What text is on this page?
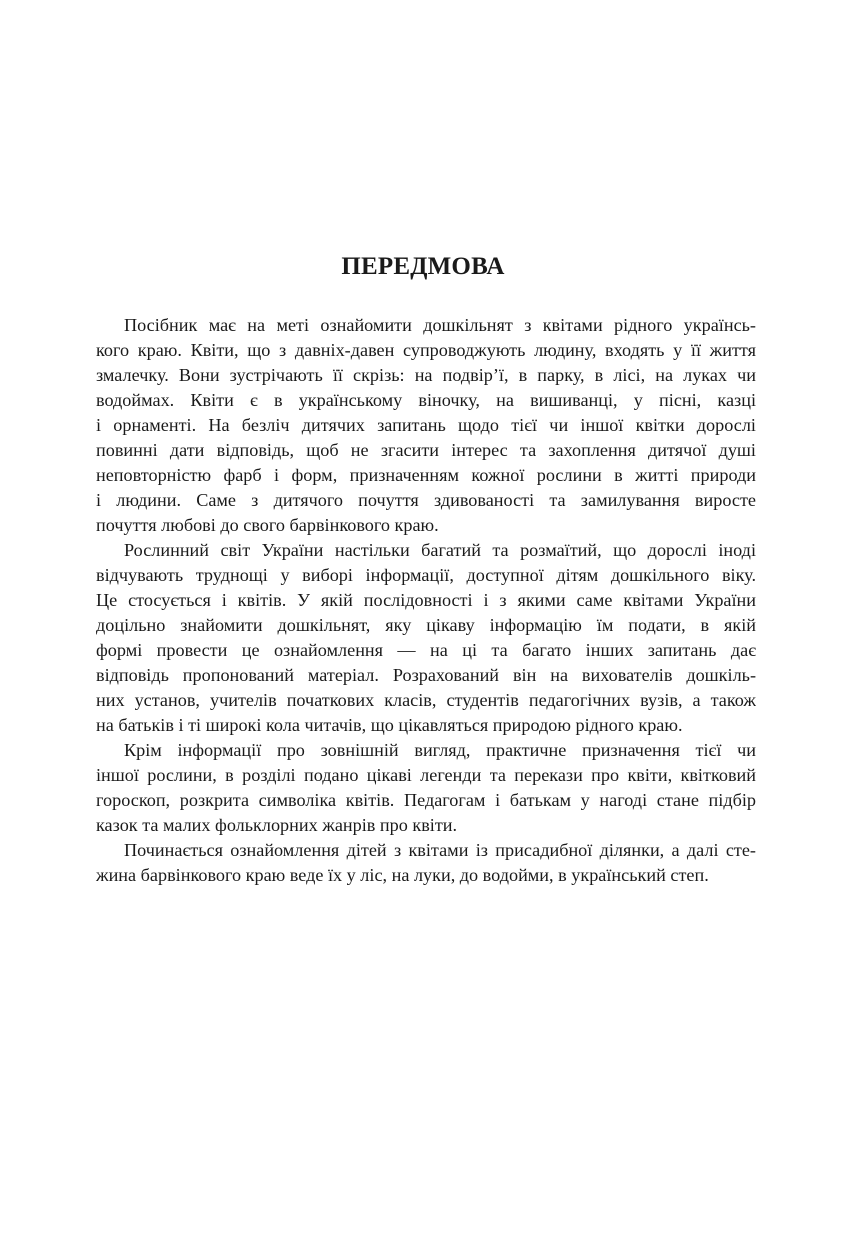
ПЕРЕДМОВА
Посібник має на меті ознайомити дошкільнят з квітами рідного українсь-
кого краю. Квіти, що з давніх-давен супроводжують людину, входять у її життя
змалечку. Вони зустрічають її скрізь: на подвір’ї, в парку, в лісі, на луках чи
водоймах. Квіти є в українському віночку, на вишиванці, у пісні, казці
і орнаменті. На безліч дитячих запитань щодо тієї чи іншої квітки дорослі
повинні дати відповідь, щоб не згасити інтерес та захоплення дитячої душі
неповторністю фарб і форм, призначенням кожної рослини в житті природи
і людини. Саме з дитячого почуття здивованості та замилування виросте
почуття любові до свого барвінкового краю.
Рослинний світ України настільки багатий та розмаїтий, що дорослі іноді
відчувають труднощі у виборі інформації, доступної дітям дошкільного віку.
Це стосується і квітів. У якій послідовності і з якими саме квітами України
доцільно знайомити дошкільнят, яку цікаву інформацію їм подати, в якій
формі провести це ознайомлення — на ці та багато інших запитань дає
відповідь пропонований матеріал. Розрахований він на вихователів дошкіль-
них установ, учителів початкових класів, студентів педагогічних вузів, а також
на батьків і ті широкі кола читачів, що цікавляться природою рідного краю.
Крім інформації про зовнішній вигляд, практичне призначення тієї чи
іншої рослини, в розділі подано цікаві легенди та перекази про квіти, квітковий
гороскоп, розкрита символіка квітів. Педагогам і батькам у нагоді стане підбір
казок та малих фольклорних жанрів про квіти.
Починається ознайомлення дітей з квітами із присадибної ділянки, а далі сте-
жина барвінкового краю веде їх у ліс, на луки, до водойми, в український степ.
